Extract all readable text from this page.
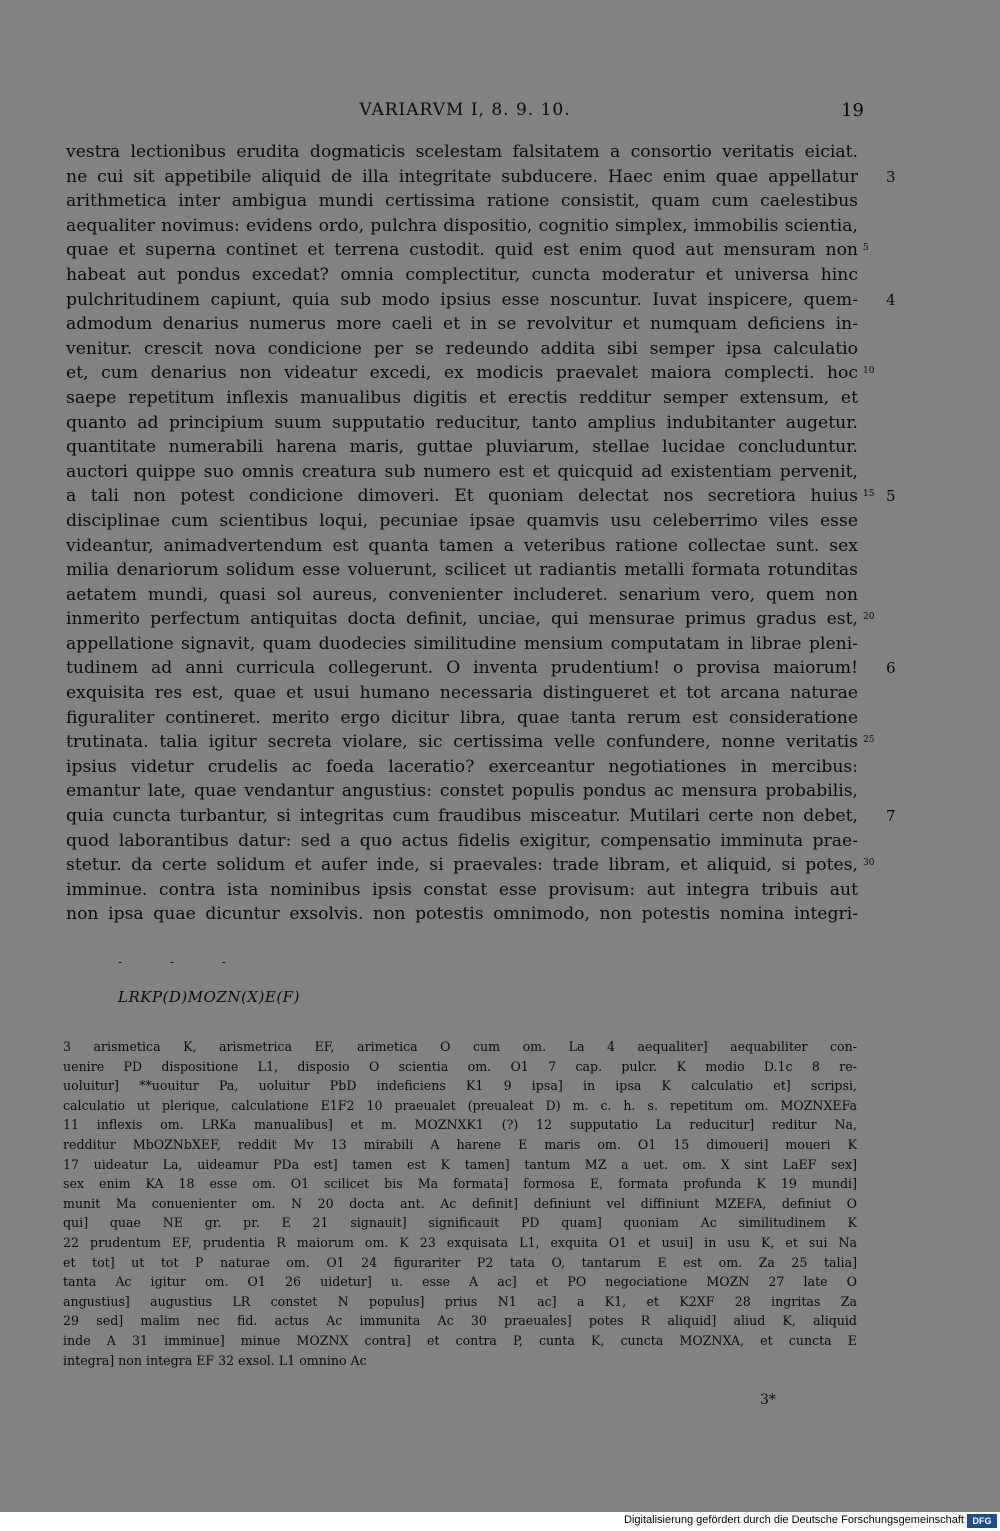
VARIARVM I, 8. 9. 10.	19
vestra lectionibus erudita dogmaticis scelestam falsitatem a consortio veritatis eiciat.
ne cui sit appetibile aliquid de illa integritate subducere. Haec enim quae appellatur 3
arithmetica inter ambigua mundi certissima ratione consistit, quam cum caelestibus
aequaliter novimus: evidens ordo, pulchra dispositio, cognitio simplex, immobilis scientia,
quae et superna continet et terrena custodit. quid est enim quod aut mensuram non 5
habeat aut pondus excedat? omnia complectitur, cuncta moderatur et universa hinc
pulchritudinem capiunt, quia sub modo ipsius esse noscuntur. Iuvat inspicere, quem- 4
admodum denarius numerus more caeli et in se revolvitur et numquam deficiens in-
venitur. crescit nova condicione per se redeundo addita sibi semper ipsa calculatio
et, cum denarius non videatur excedi, ex modicis praevalet maiora complecti. hoc 10
saepe repetitum inflexis manualibus digitis et erectis redditur semper extensum, et
quanto ad principium suum supputatio reducitur, tanto amplius indubitanter augetur.
quantitate numerabili harena maris, guttae pluviarum, stellae lucidae concluduntur.
auctori quippe suo omnis creatura sub numero est et quicquid ad existentiam pervenit,
a tali non potest condicione dimoveri. Et quoniam delectat nos secretiora huius 15 5
disciplinae cum scientibus loqui, pecuniae ipsae quamvis usu celeberrimo viles esse
videantur, animadvertendum est quanta tamen a veteribus ratione collectae sunt. sex
milia denariorum solidum esse voluerunt, scilicet ut radiantis metalli formata rotunditas
aetatem mundi, quasi sol aureus, convenienter includeret. senarium vero, quem non
inmerito perfectum antiquitas docta definit, unciae, qui mensurae primus gradus est, 20
appellatione signavit, quam duodecies similitudine mensium computatam in librae pleni-
tudinem ad anni curricula collegerunt. O inventa prudentium! o provisa maiorum! 6
exquisita res est, quae et usui humano necessaria distingueret et tot arcana naturae
figuraliter contineret. merito ergo dicitur libra, quae tanta rerum est consideratione
trutinata. talia igitur secreta violare, sic certissima velle confundere, nonne veritatis 25
ipsius videtur crudelis ac foeda laceratio? exerceantur negotiationes in mercibus:
emantur late, quae vendantur angustius: constet populis pondus ac mensura probabilis,
quia cuncta turbantur, si integritas cum fraudibus misceatur. Mutilari certe non debet, 7
quod laborantibus datur: sed a quo actus fidelis exigitur, compensatio imminuta prae-
stetur. da certe solidum et aufer inde, si praevales: trade libram, et aliquid, si potes, 30
imminue. contra ista nominibus ipsis constat esse provisum: aut integra tribuis aut
non ipsa quae dicuntur exsolvis. non potestis omnimodo, non potestis nomina integri-
- - -
LRKP(D)MOZN(X)E(F)
3 arismetica K, arismetrica EF, arimetica O cum om. La 4 aequaliter] aequabiliter con-
uenire PD dispositione L1, disposio O scientia om. O1 7 cap. pulcr. K modio D.1c 8 re-
uoluitur] **uouitur Pa, uoluitur PbD indeficiens K1 9 ipsa] in ipsa K calculatio et] scripsi,
calculatio ut plerique, calculatione E1F2 10 praeualet (preualeat D) m. c. h. s. repetitum om. MOZNXEFa
11 inflexis om. LRKa manualibus] et m. MOZNXK1 (?) 12 supputatio La reducitur] reditur Na,
redditur MbOZNbXEF, reddit Mv 13 mirabili A harene E maris om. O1 15 dimoueri] moueri K
17 uideatur La, uideamur PDa est] tamen est K tamen] tantum MZ a uet. om. X sint LaEF sex]
sex enim KA 18 esse om. O1 scilicet bis Ma formata] formosa E, formata profunda K 19 mundi]
munit Ma conuenienter om. N 20 docta ant. Ac definit] definiunt vel diffiniunt MZEFA, definiut O
qui] quae NE gr. pr. E 21 signauit] significauit PD quam] quoniam Ac similitudinem K
22 prudentum EF, prudentia R maiorum om. K 23 exquisata L1, exquita O1 et usui] in usu K, et sui Na
et tot] ut tot P naturae om. O1 24 figurariter P2 tata O, tantarum E est om. Za 25 talia]
tanta Ac igitur om. O1 26 uidetur] u. esse A ac] et PO negociatione MOZN 27 late O
angustius] augustius LR constet N populus] prius N1 ac] a K1, et K2XF 28 ingritas Za
29 sed] malim nec fid. actus Ac immunita Ac 30 praeuales] potes R aliquid] aliud K, aliquid
inde A 31 imminue] minue MOZNX contra] et contra P, cunta K, cuncta MOZNXA, et cuncta E
integra] non integra EF 32 exsol. L1 omnino Ac
3*
Digitalisierung gefördert durch die Deutsche Forschungsgemeinschaft DFG
